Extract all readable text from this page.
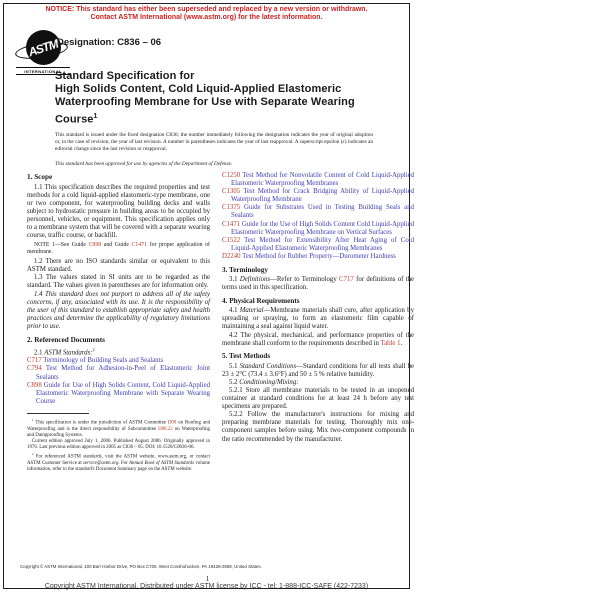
NOTICE: This standard has either been superseded and replaced by a new version or withdrawn.
Contact ASTM International (www.astm.org) for the latest information.
ASTM
INTERNATIONAL
Designation: C836 – 06
Standard Specification for
High Solids Content, Cold Liquid-Applied Elastomeric
Waterproofing Membrane for Use with Separate Wearing
Course$^1$

This standard is issued under the fixed designation C836; the number immediately following the designation indicates the year of original adoption or, in the case of revision, the year of last revision. A number in parentheses indicates the year of last reapproval. A superscript epsilon (ε) indicates an editorial change since the last revision or reapproval.

This standard has been approved for use by agencies of the Department of Defense.

1. Scope

1.1 This specification describes the required properties and test methods for a cold liquid-applied elastomeric-type membrane, one or two component, for waterproofing building decks and walls subject to hydrostatic pressure in building areas to be occupied by personnel, vehicles, or equipment. This specification applies only to a membrane system that will be covered with a separate wearing course, traffic course, or backfill.

NOTE 1—See Guide C898 and Guide C1471 for proper application of membrane.

1.2 There are no ISO standards similar or equivalent to this ASTM standard.

1.3 The values stated in SI units are to be regarded as the standard. The values given in parentheses are for information only.

1.4 This standard does not purport to address all of the safety concerns, if any, associated with its use. It is the responsibility of the user of this standard to establish appropriate safety and health practices and determine the applicability of regulatory limitations prior to use.

2. Referenced Documents

2.1 ASTM Standards:$^2$

C717 Terminology of Building Seals and Sealants

C794 Test Method for Adhesion-in-Peel of Elastomeric Joint Sealants

C898 Guide for Use of High Solids Content, Cold Liquid-Applied Elastomeric Waterproofing Membrane with Separate Wearing Course

$^1$ This specification is under the jurisdiction of ASTM Committee D08 on Roofing and Waterproofing and is the direct responsibility of Subcommittee D08.22 on Waterproofing and Dampproofing Systems.

Current edition approved July 1, 2006. Published August 2006. Originally approved in 1976. Last previous edition approved in 2005 as C836 – 05. DOI: 10.1520/C0836-06.

$^2$ For referenced ASTM standards, visit the ASTM website, www.astm.org, or contact ASTM Customer Service at service@astm.org. For Annual Book of ASTM Standards volume information, refer to the standard's Document Summary page on the ASTM website.

C1250 Test Method for Nonvolatile Content of Cold Liquid-Applied Elastomeric Waterproofing Membranes

C1305 Test Method for Crack Bridging Ability of Liquid-Applied Waterproofing Membrane

C1375 Guide for Substrates Used in Testing Building Seals and Sealants

C1471 Guide for the Use of High Solids Content Cold Liquid-Applied Elastomeric Waterproofing Membrane on Vertical Surfaces

C1522 Test Method for Extensibility After Heat Aging of Cold Liquid-Applied Elastomeric Waterproofing Membranes

D2240 Test Method for Rubber Property—Durometer Hardness

3. Terminology

3.1 Definitions—Refer to Terminology C717 for definitions of the terms used in this specification.

4. Physical Requirements

4.1 Material—Membrane materials shall cure, after application by spreading or spraying, to form an elastomeric film capable of maintaining a seal against liquid water.

4.2 The physical, mechanical, and performance properties of the membrane shall conform to the requirements described in Table 1.

5. Test Methods

5.1 Standard Conditions—Standard conditions for all tests shall be 23 ± 2°C (73.4 ± 3.6°F) and 50 ± 5 % relative humidity.

5.2 Conditioning/Mixing:

5.2.1 Store all membrane materials to be tested in an unopened container at standard conditions for at least 24 h before any test specimens are prepared.

5.2.2 Follow the manufacturer's instructions for mixing and preparing membrane materials for testing. Thoroughly mix one-component samples before using. Mix two-component compounds in the ratio recommended by the manufacturer.

Copyright © ASTM International, 100 Barr Harbor Drive, PO Box C700, West Conshohocken, PA 19428-2959, United States.

1

Copyright ASTM International. Distributed under ASTM license by ICC - tel: 1-888-ICC-SAFE (422-7233)
